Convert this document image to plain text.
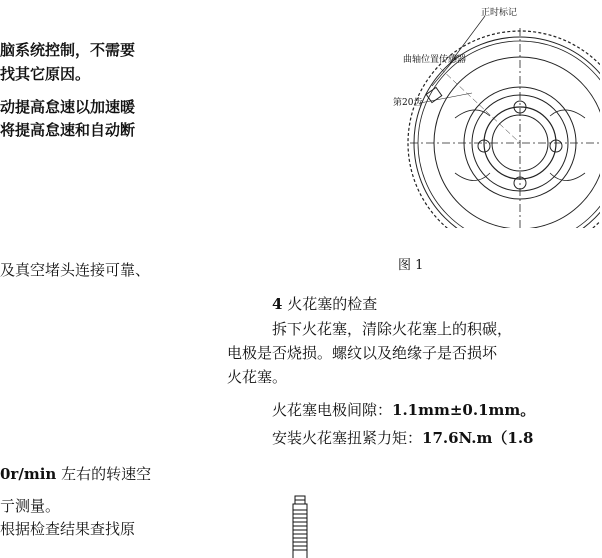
脑系统控制，不需要
找其它原因。
动提高怠速以加速暖
将提高怠速和自动断
及真空堵头连接可靠、
0r/min 左右的转速空
亍测量。
根据检查结果查找原
正时标记
曲轴位置传感器
第20齿
图 1
4 火花塞的检查
拆下火花塞，清除火花塞上的积碳，
电极是否烧损。螺纹以及绝缘子是否损坏
火花塞。
火花塞电极间隙：1.1mm±0.1mm。
安装火花塞扭紧力矩：17.6N.m（1.8
